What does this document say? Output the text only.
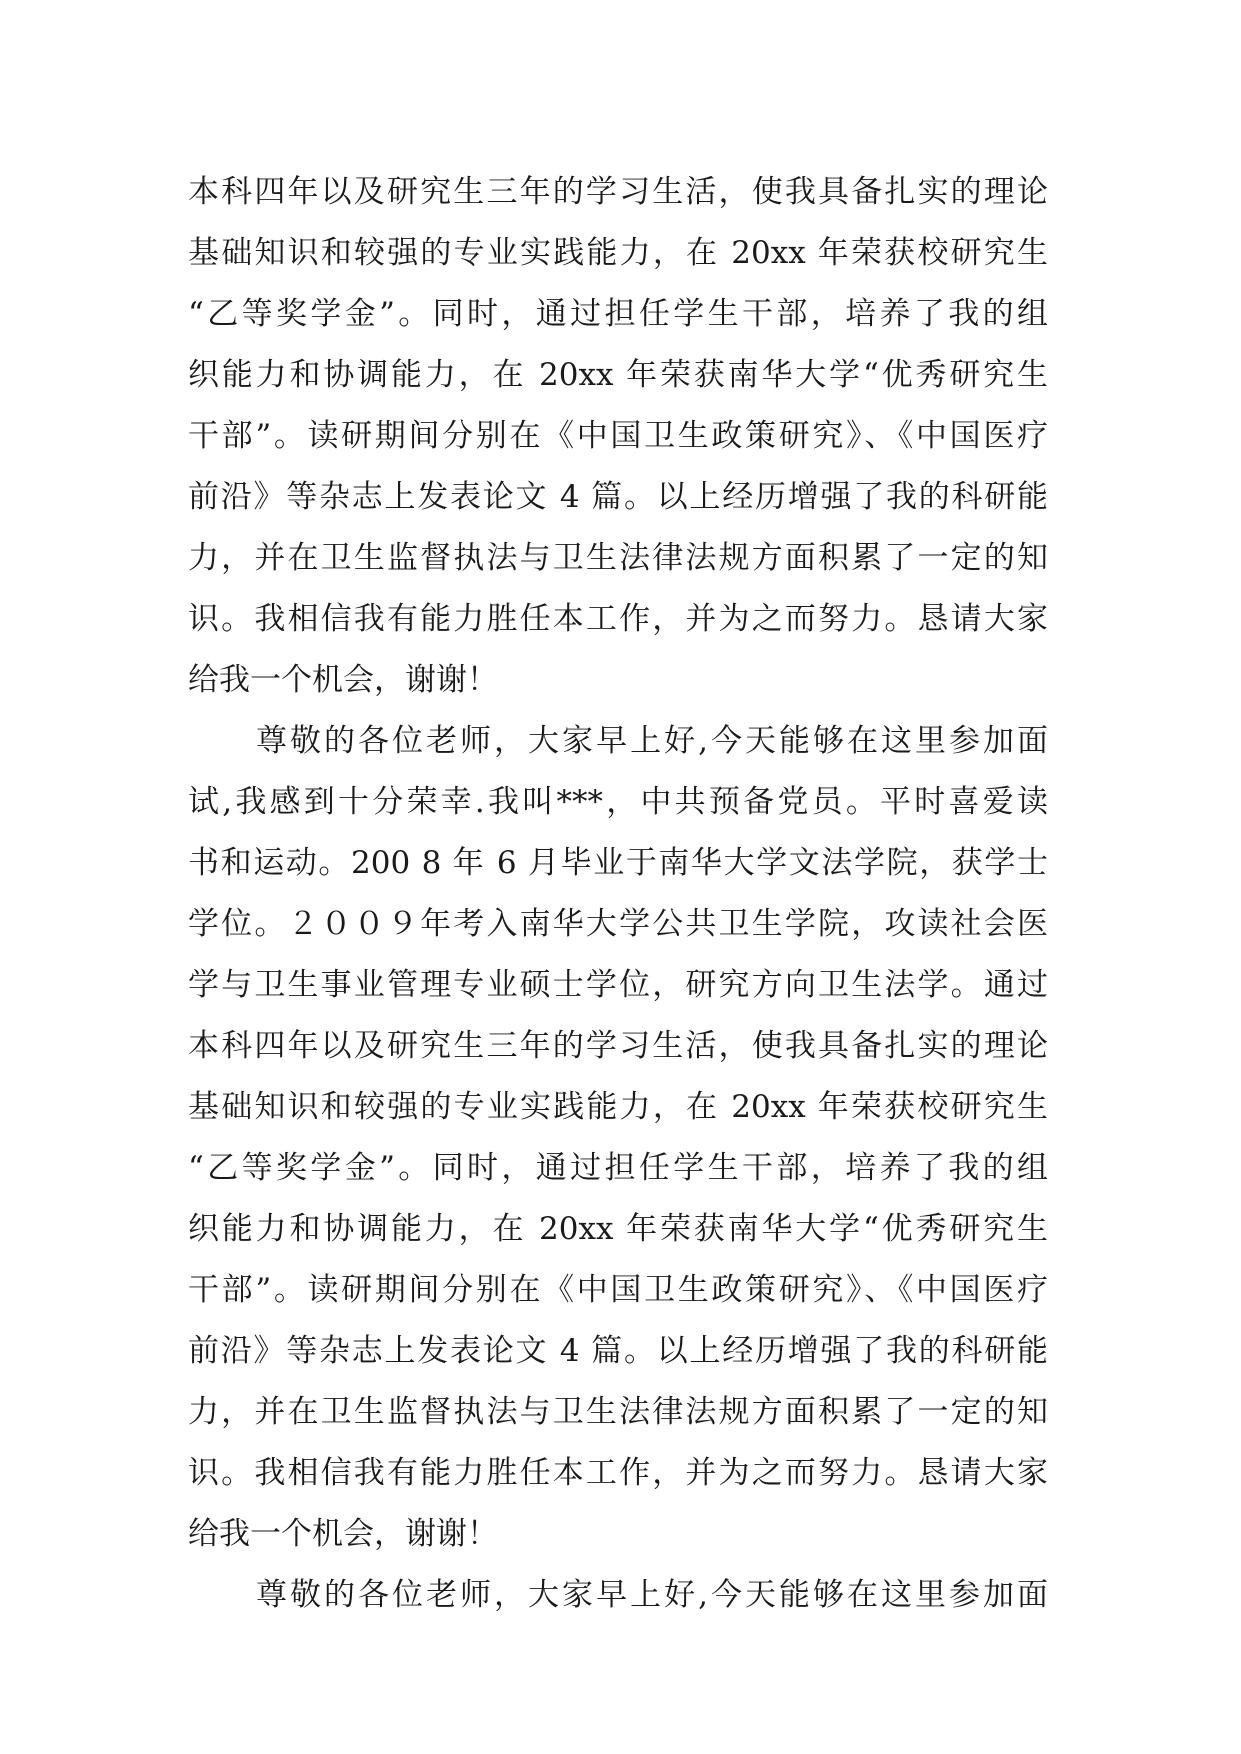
本科四年以及研究生三年的学习生活，使我具备扎实的理论
基础知识和较强的专业实践能力，在 20xx 年荣获校研究生
“乙等奖学金”。同时，通过担任学生干部，培养了我的组
织能力和协调能力，在 20xx 年荣获南华大学“优秀研究生
干部”。读研期间分别在《中国卫生政策研究》、《中国医疗
前沿》等杂志上发表论文 4 篇。以上经历增强了我的科研能
力，并在卫生监督执法与卫生法律法规方面积累了一定的知
识。我相信我有能力胜任本工作，并为之而努力。恳请大家
给我一个机会，谢谢！
　　尊敬的各位老师，大家早上好,今天能够在这里参加面
试,我感到十分荣幸.我叫***，中共预备党员。平时喜爱读
书和运动。200 8 年 6 月毕业于南华大学文法学院，获学士
学位。２００９年考入南华大学公共卫生学院，攻读社会医
学与卫生事业管理专业硕士学位，研究方向卫生法学。通过
本科四年以及研究生三年的学习生活，使我具备扎实的理论
基础知识和较强的专业实践能力，在 20xx 年荣获校研究生
“乙等奖学金”。同时，通过担任学生干部，培养了我的组
织能力和协调能力，在 20xx 年荣获南华大学“优秀研究生
干部”。读研期间分别在《中国卫生政策研究》、《中国医疗
前沿》等杂志上发表论文 4 篇。以上经历增强了我的科研能
力，并在卫生监督执法与卫生法律法规方面积累了一定的知
识。我相信我有能力胜任本工作，并为之而努力。恳请大家
给我一个机会，谢谢！
　　尊敬的各位老师，大家早上好,今天能够在这里参加面
